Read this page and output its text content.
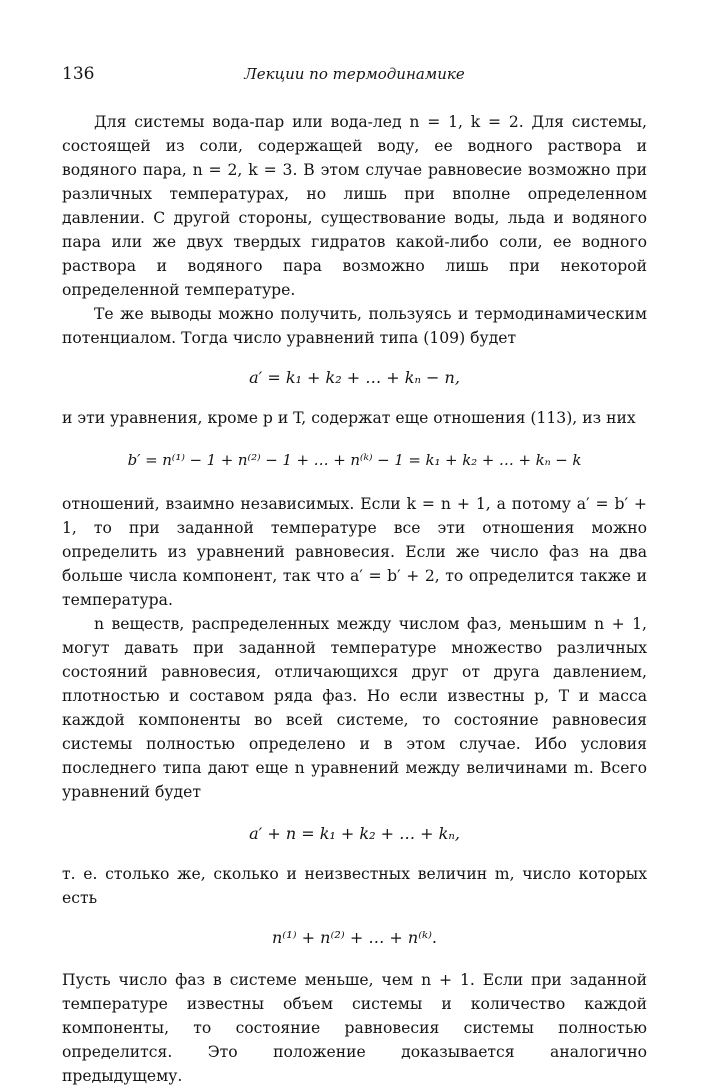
136	Лекции по термодинамике

Для системы вода-пар или вода-лед n = 1, k = 2. Для системы, состоящей из соли, содержащей воду, ее водного раствора и водяного пара, n = 2, k = 3. В этом случае равновесие возможно при различных температурах, но лишь при вполне определенном давлении. С другой стороны, существование воды, льда и водяного пара или же двух твердых гидратов какой-либо соли, ее водного раствора и водяного пара возможно лишь при некоторой определенной температуре.

Те же выводы можно получить, пользуясь и термодинамическим потенциалом. Тогда число уравнений типа (109) будет

a′ = k₁ + k₂ + … + kₙ − n,

и эти уравнения, кроме p и T, содержат еще отношения (113), из них

b′ = n⁽¹⁾ − 1 + n⁽²⁾ − 1 + … + n⁽ᵏ⁾ − 1 = k₁ + k₂ + … + kₙ − k

отношений, взаимно независимых. Если k = n + 1, а потому a′ = b′ + 1, то при заданной температуре все эти отношения можно определить из уравнений равновесия. Если же число фаз на два больше числа компонент, так что a′ = b′ + 2, то определится также и температура.

n веществ, распределенных между числом фаз, меньшим n + 1, могут давать при заданной температуре множество различных состояний равновесия, отличающихся друг от друга давлением, плотностью и составом ряда фаз. Но если известны p, T и масса каждой компоненты во всей системе, то состояние равновесия системы полностью определено и в этом случае. Ибо условия последнего типа дают еще n уравнений между величинами m. Всего уравнений будет

a′ + n = k₁ + k₂ + … + kₙ,

т. е. столько же, сколько и неизвестных величин m, число которых есть

n⁽¹⁾ + n⁽²⁾ + … + n⁽ᵏ⁾.

Пусть число фаз в системе меньше, чем n + 1. Если при заданной температуре известны объем системы и количество каждой компоненты, то состояние равновесия системы полностью определится. Это положение доказывается аналогично предыдущему.
